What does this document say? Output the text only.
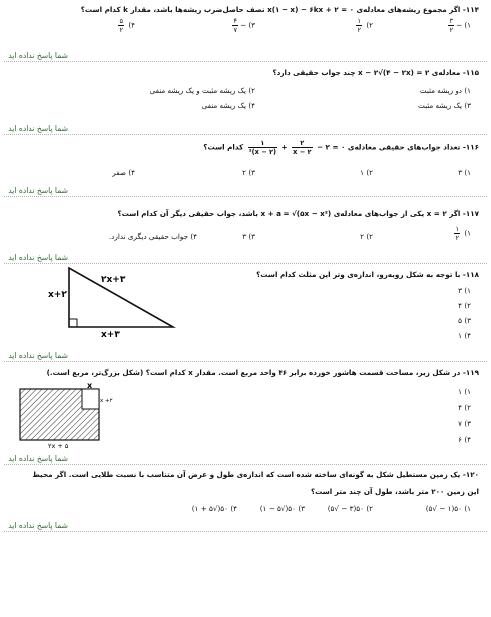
۱۱۴- اگر مجموع ریشه‌های معادله‌ی ۰ = ۲ + x(۱ − x) − ۶kx نصف حاصل‌ضرب ریشه‌ها باشد، مقدار k کدام است؟
۱) −
$\frac{۳}{۲}$
۲)
$\frac{۱}{۲}$
۳) −
$\frac{۴}{۷}$
۴)
$\frac{۵}{۲}$
شما پاسخ نداده اید
۱۱۵- معادله‌ی x − ۲√(۴ − ۲x) = ۲ چند جواب حقیقی دارد؟
۱) دو ریشه مثبت
۲) یک ریشه مثبت و یک ریشه منفی
۳) یک ریشه مثبت
۴) یک ریشه منفی
شما پاسخ نداده اید
۱۱۶- تعداد جواب‌های حقیقی معادله‌ی ۰ = ۲ −
$\frac{۲}{x - ۲}$
+
$\frac{۱}{\text{(x − ۲)²}}$
کدام است؟
۱) ۳
۲) ۱
۳) ۲
۴) صفر
شما پاسخ نداده اید
۱۱۷- اگر x = ۲ یکی از جواب‌های معادله‌ی x + a = √(۵x − x²) باشد، جواب حقیقی دیگر آن کدام است؟
۱)
$\frac{۱}{۲}$
۲) ۲
۳) ۳
۴) جواب حقیقی دیگری ندارد.
شما پاسخ نداده اید
۱۱۸- با توجه به شکل روبه‌رو، اندازه‌ی وتر این مثلث کدام است؟
۲x+۳
x+۲
x+۳
۱) ۳
۲) ۴
۳) ۵
۴) ۱
شما پاسخ نداده اید
۱۱۹- در شکل زیر، مساحت قسمت هاشور خورده برابر ۴۶ واحد مربع است. مقدار x کدام است؟ (شکل بزرگ‌تر، مربع است.)
x
x +۲
۲x + ۵
۱) ۱
۲) ۴
۳) ۷
۴) ۶
شما پاسخ نداده اید
۱۲۰- یک زمین مستطیل شکل به گونه‌ای ساخته شده است که اندازه‌ی طول و عرض آن متناسب با نسبت طلایی است. اگر محیط
این زمین ۲۰۰ متر باشد، طول آن چند متر است؟
۱) ۵۰(۱ − √۵)
۲) ۵۰(۳ − √۵)
۳) ۵۰(√۵ − ۱)
۴) ۵۰(√۵ + ۱)
شما پاسخ نداده اید
